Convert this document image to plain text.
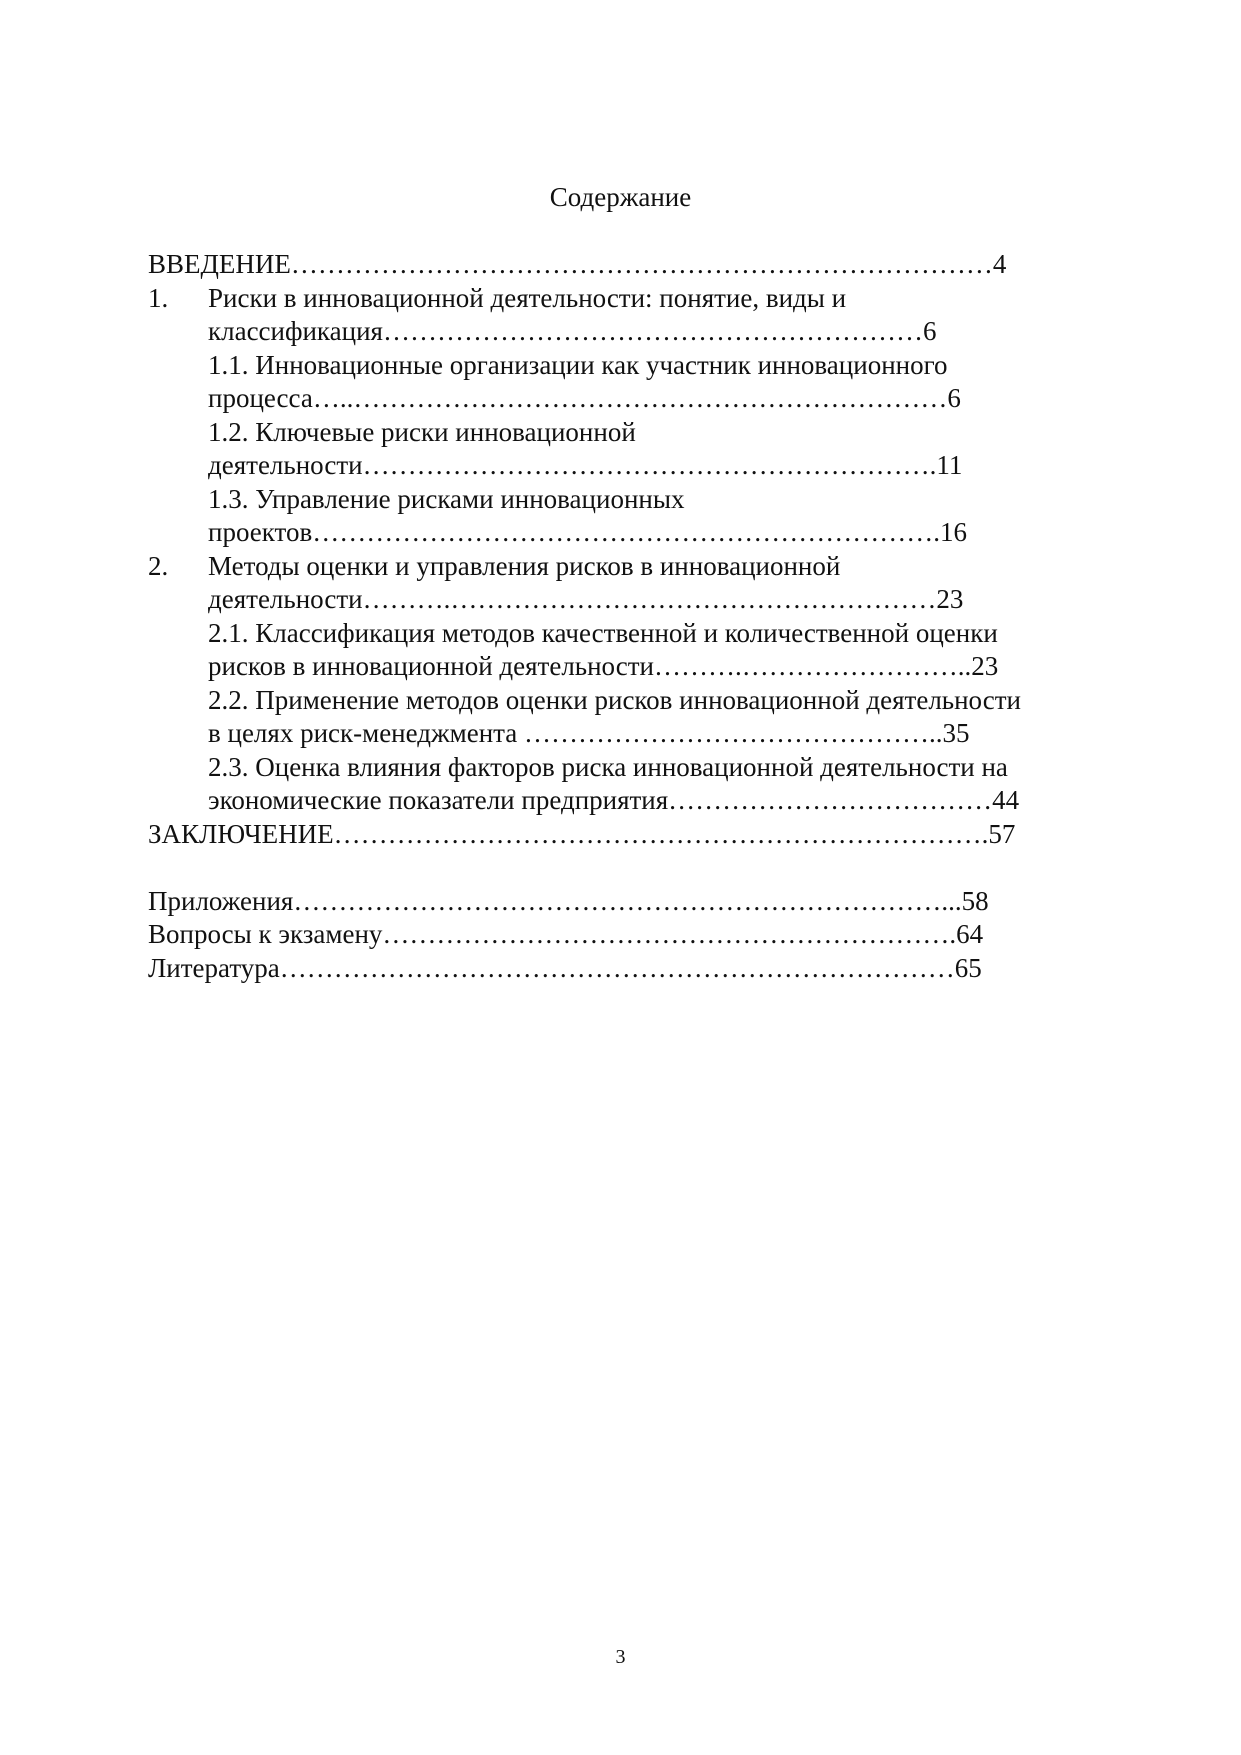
Содержание
ВВЕДЕНИЕ……………………………………………………………………4
1. Риски в инновационной деятельности: понятие, виды и
классификация……………………………………………………6
1.1. Инновационные организации как участник инновационного
процесса…..…………………………………………………………6
1.2. Ключевые риски инновационной
деятельности……………………………………………………….11
1.3. Управление рисками инновационных
проектов…………………………………………………………….16
2. Методы оценки и управления рисков в инновационной
деятельности……….………………………………………………23
2.1. Классификация методов качественной и количественной оценки
рисков в инновационной деятельности……….……………………..23
2.2. Применение методов оценки рисков инновационной деятельности
в целях риск-менеджмента ………………………………………..35
2.3. Оценка влияния факторов риска инновационной деятельности на
экономические показатели предприятия………………………………44
ЗАКЛЮЧЕНИЕ……………………………………………………………….57
Приложения………………………………………………………………...58
Вопросы к экзамену……………………………………………………….64
Литература…………………………………………………………………65
3
